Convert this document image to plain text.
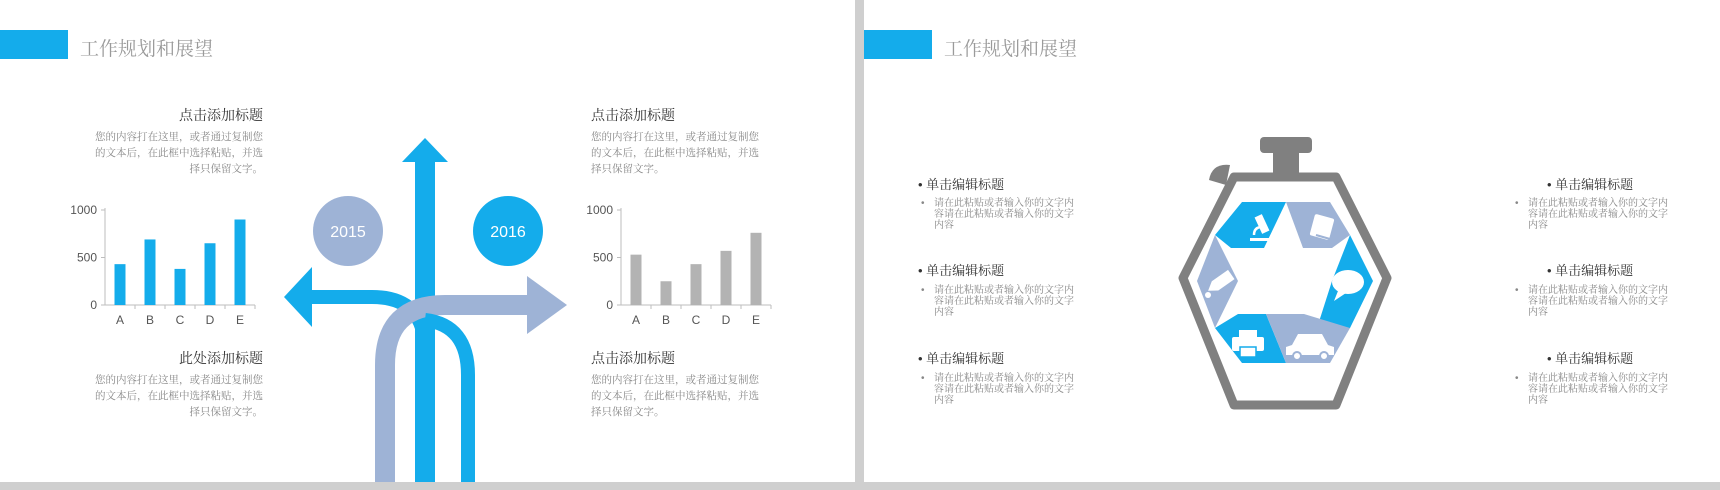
工作规划和展望
点击添加标题
您的内容打在这里，或者通过复制您的文本后，在此框中选择粘贴，并选择只保留文字。
此处添加标题
您的内容打在这里，或者通过复制您的文本后，在此框中选择粘贴，并选择只保留文字。
点击添加标题
您的内容打在这里，或者通过复制您的文本后，在此框中选择粘贴，并选择只保留文字。
点击添加标题
您的内容打在这里，或者通过复制您的文本后，在此框中选择粘贴，并选择只保留文字。
0
500
1000
A B C D E
0
500
1000
A B C D E
2015	2016
工作规划和展望
• 单击编辑标题
• 请在此粘贴或者输入你的文字内容请在此粘贴或者输入你的文字内容
• 单击编辑标题
• 请在此粘贴或者输入你的文字内容请在此粘贴或者输入你的文字内容
• 单击编辑标题
• 请在此粘贴或者输入你的文字内容请在此粘贴或者输入你的文字内容
• 单击编辑标题
• 请在此粘贴或者输入你的文字内容请在此粘贴或者输入你的文字内容
• 单击编辑标题
• 请在此粘贴或者输入你的文字内容请在此粘贴或者输入你的文字内容
• 单击编辑标题
• 请在此粘贴或者输入你的文字内容请在此粘贴或者输入你的文字内容
